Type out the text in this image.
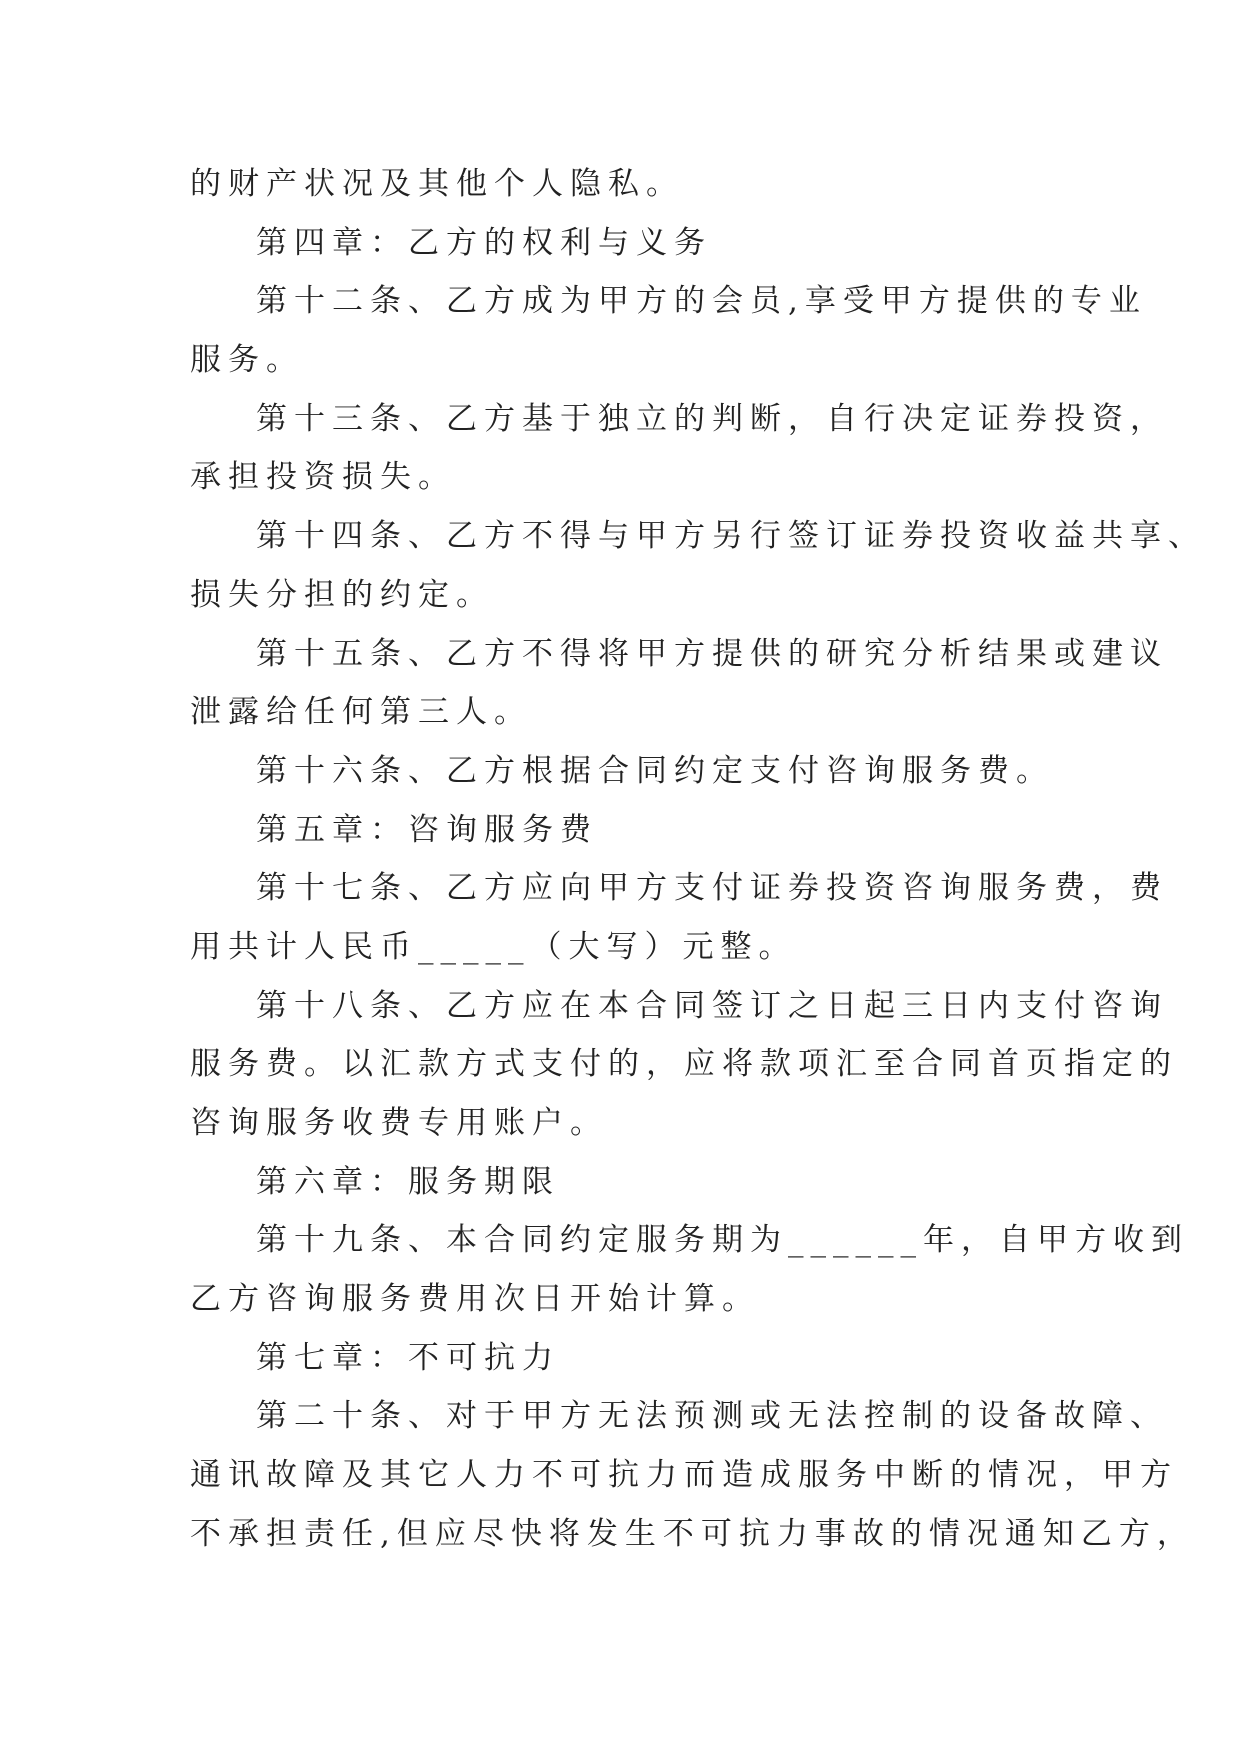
的财产状况及其他个人隐私。
第四章：乙方的权利与义务
第十二条、乙方成为甲方的会员,享受甲方提供的专业
服务。
第十三条、乙方基于独立的判断，自行决定证券投资，
承担投资损失。
第十四条、乙方不得与甲方另行签订证券投资收益共享、
损失分担的约定。
第十五条、乙方不得将甲方提供的研究分析结果或建议
泄露给任何第三人。
第十六条、乙方根据合同约定支付咨询服务费。
第五章：咨询服务费
第十七条、乙方应向甲方支付证券投资咨询服务费，费
用共计人民币_____（大写）元整。
第十八条、乙方应在本合同签订之日起三日内支付咨询
服务费。以汇款方式支付的，应将款项汇至合同首页指定的
咨询服务收费专用账户。
第六章：服务期限
第十九条、本合同约定服务期为______年，自甲方收到
乙方咨询服务费用次日开始计算。
第七章：不可抗力
第二十条、对于甲方无法预测或无法控制的设备故障、
通讯故障及其它人力不可抗力而造成服务中断的情况，甲方
不承担责任,但应尽快将发生不可抗力事故的情况通知乙方，
